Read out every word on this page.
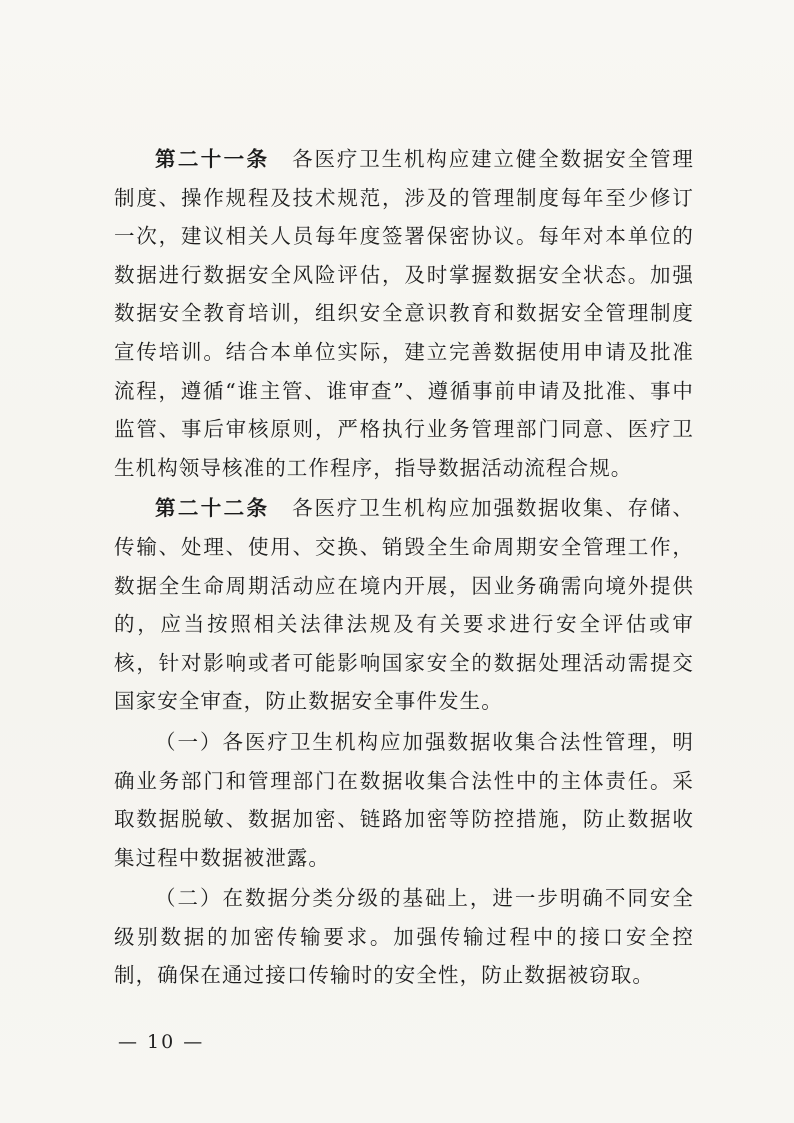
第二十一条 各医疗卫生机构应建立健全数据安全管理制度、操作规程及技术规范，涉及的管理制度每年至少修订一次，建议相关人员每年度签署保密协议。每年对本单位的数据进行数据安全风险评估，及时掌握数据安全状态。加强数据安全教育培训，组织安全意识教育和数据安全管理制度宣传培训。结合本单位实际，建立完善数据使用申请及批准流程，遵循“谁主管、谁审查”、遵循事前申请及批准、事中监管、事后审核原则，严格执行业务管理部门同意、医疗卫生机构领导核准的工作程序，指导数据活动流程合规。

第二十二条 各医疗卫生机构应加强数据收集、存储、传输、处理、使用、交换、销毁全生命周期安全管理工作，数据全生命周期活动应在境内开展，因业务确需向境外提供的，应当按照相关法律法规及有关要求进行安全评估或审核，针对影响或者可能影响国家安全的数据处理活动需提交国家安全审查，防止数据安全事件发生。

（一）各医疗卫生机构应加强数据收集合法性管理，明确业务部门和管理部门在数据收集合法性中的主体责任。采取数据脱敏、数据加密、链路加密等防控措施，防止数据收集过程中数据被泄露。

（二）在数据分类分级的基础上，进一步明确不同安全级别数据的加密传输要求。加强传输过程中的接口安全控制，确保在通过接口传输时的安全性，防止数据被窃取。

— 10 —
